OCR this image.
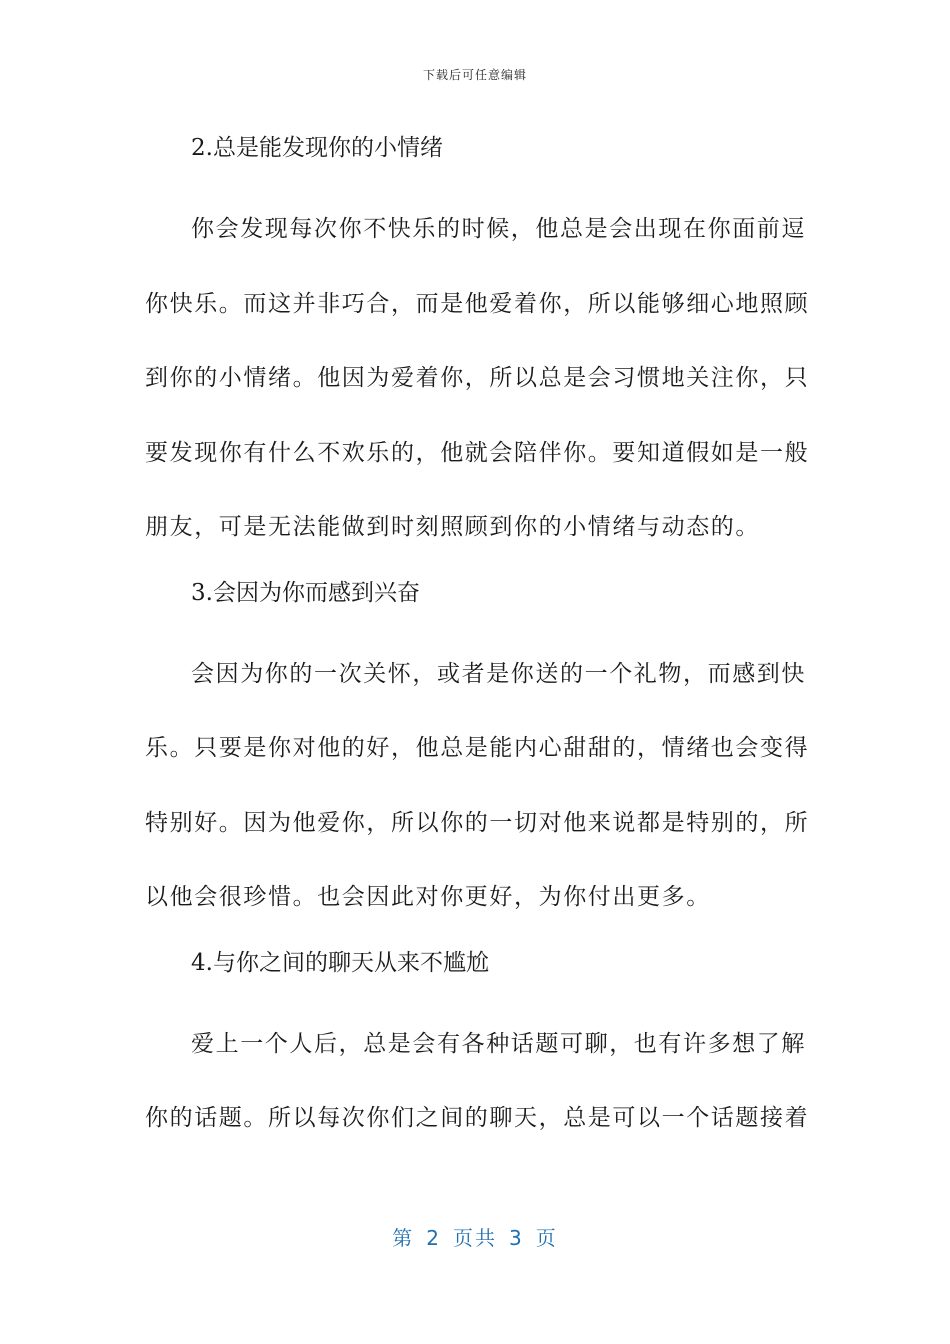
下载后可任意编辑
2.总是能发现你的小情绪
你会发现每次你不快乐的时候，他总是会出现在你面前逗
你快乐。而这并非巧合，而是他爱着你，所以能够细心地照顾
到你的小情绪。他因为爱着你，所以总是会习惯地关注你，只
要发现你有什么不欢乐的，他就会陪伴你。要知道假如是一般
朋友，可是无法能做到时刻照顾到你的小情绪与动态的。
3.会因为你而感到兴奋
会因为你的一次关怀，或者是你送的一个礼物，而感到快
乐。只要是你对他的好，他总是能内心甜甜的，情绪也会变得
特别好。因为他爱你，所以你的一切对他来说都是特别的，所
以他会很珍惜。也会因此对你更好，为你付出更多。
4.与你之间的聊天从来不尴尬
爱上一个人后，总是会有各种话题可聊，也有许多想了解
你的话题。所以每次你们之间的聊天，总是可以一个话题接着
第 2 页共 3 页
